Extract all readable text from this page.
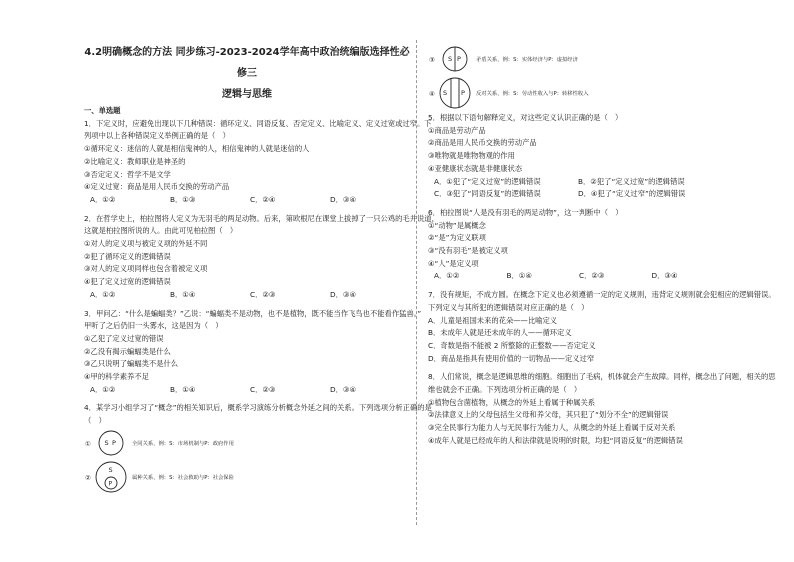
4.2明确概念的方法 同步练习-2023-2024学年高中政治统编版选择性必修三
逻辑与思维
一、单选题
1．下定义时，应避免出现以下几种错误：循环定义、同语反复、否定定义、比喻定义、定义过宽或过窄。下
列项中以上各种错误定义举例正确的是（　）
①循环定义：迷信的人就是相信鬼神的人，相信鬼神的人就是迷信的人
②比喻定义：教师职业是神圣的
③否定定义：哲学不是文学
④定义过宽：商品是用人民币交换的劳动产品
A．①②	B．①③	C．②④	D．③④
2．在哲学史上，柏拉图将人定义为无羽毛的两足动物。后来，第欧根尼在课堂上拔掉了一只公鸡的毛并说道，
这就是柏拉图所说的人。由此可见柏拉图（　）
①对人的定义项与被定义项的外延不同
②犯了循环定义的逻辑错误
③对人的定义项同样也包含着被定义项
④犯了定义过宽的逻辑错误
A．①②	B．①④	C．②③	D．③④
3．甲问乙：“什么是蝙蝠类？”乙说：“蝙蝠类不是动物，也不是植物，既不能当作飞鸟也不能看作猛兽。”
甲听了之后仍旧一头雾水，这是因为（　）
①乙犯了定义过宽的错误
②乙没有揭示蝙蝠类是什么
③乙只说明了蝙蝠类不是什么
④甲的科学素养不足
A．①②	B．①④	C．②③	D．③④
4．某学习小组学习了“概念”的相关知识后，概系学习演练分析概念外延之间的关系。下列选项分析正确的是
（　）
① S P	全同关系，例：S：市场机制与P：政府作用
②
S
P
属种关系，例：S：社会救助与P：社会保险
③ S P	矛盾关系，例：S：实体经济与P：虚拟经济
④ S P 反对关系，例：S：劳动性收入与P：转移性收入
5．根据以下语句解释定义，对这些定义认识正确的是（　）
①商品是劳动产品
②商品是用人民币交换的劳动产品
③唯物就是唯物物观的作用
④亚健康状态就是非健康状态
A．①犯了“定义过宽”的逻辑错误	B．②犯了“定义过宽”的逻辑错误
C．③犯了“同语反复”的逻辑错误	D．④犯了“定义过窄”的逻辑错误
6．柏拉图说“人是没有羽毛的两足动物”，这一判断中（　）
①“动物”是属概念
②“是”为定义联项
③“没有羽毛”是被定义项
④“人”是定义项
A．①②	B．①④	C．②③	D．③④
7．没有规矩，不成方圆。在概念下定义也必须遵循一定的定义规则，违背定义规则就会犯相应的逻辑错误。
下列定义与其所犯的逻辑错误对应正确的是（　）
A．儿童是祖国未来的花朵——比喻定义
B．未成年人就是还未成年的人——循环定义
C．奇数是指不能被 2 所整除的正整数——否定定义
D．商品是指具有使用价值的一切物品——定义过窄
8．人们常说，概念是逻辑思维的细胞。细胞出了毛病，机体就会产生故障。同样，概念出了问题，相关的思
维也就会不正确。下列选项分析正确的是（　）
①植物包含菌植物，从概念的外延上看属于种属关系
②法律意义上的父母包括生父母和养父母，其只犯了“划分不全”的逻辑错误
③完全民事行为能力人与无民事行为能力人，从概念的外延上看属于反对关系
④成年人就是已经成年的人和法律就是说明的时限，均犯“同语反复”的逻辑错误
